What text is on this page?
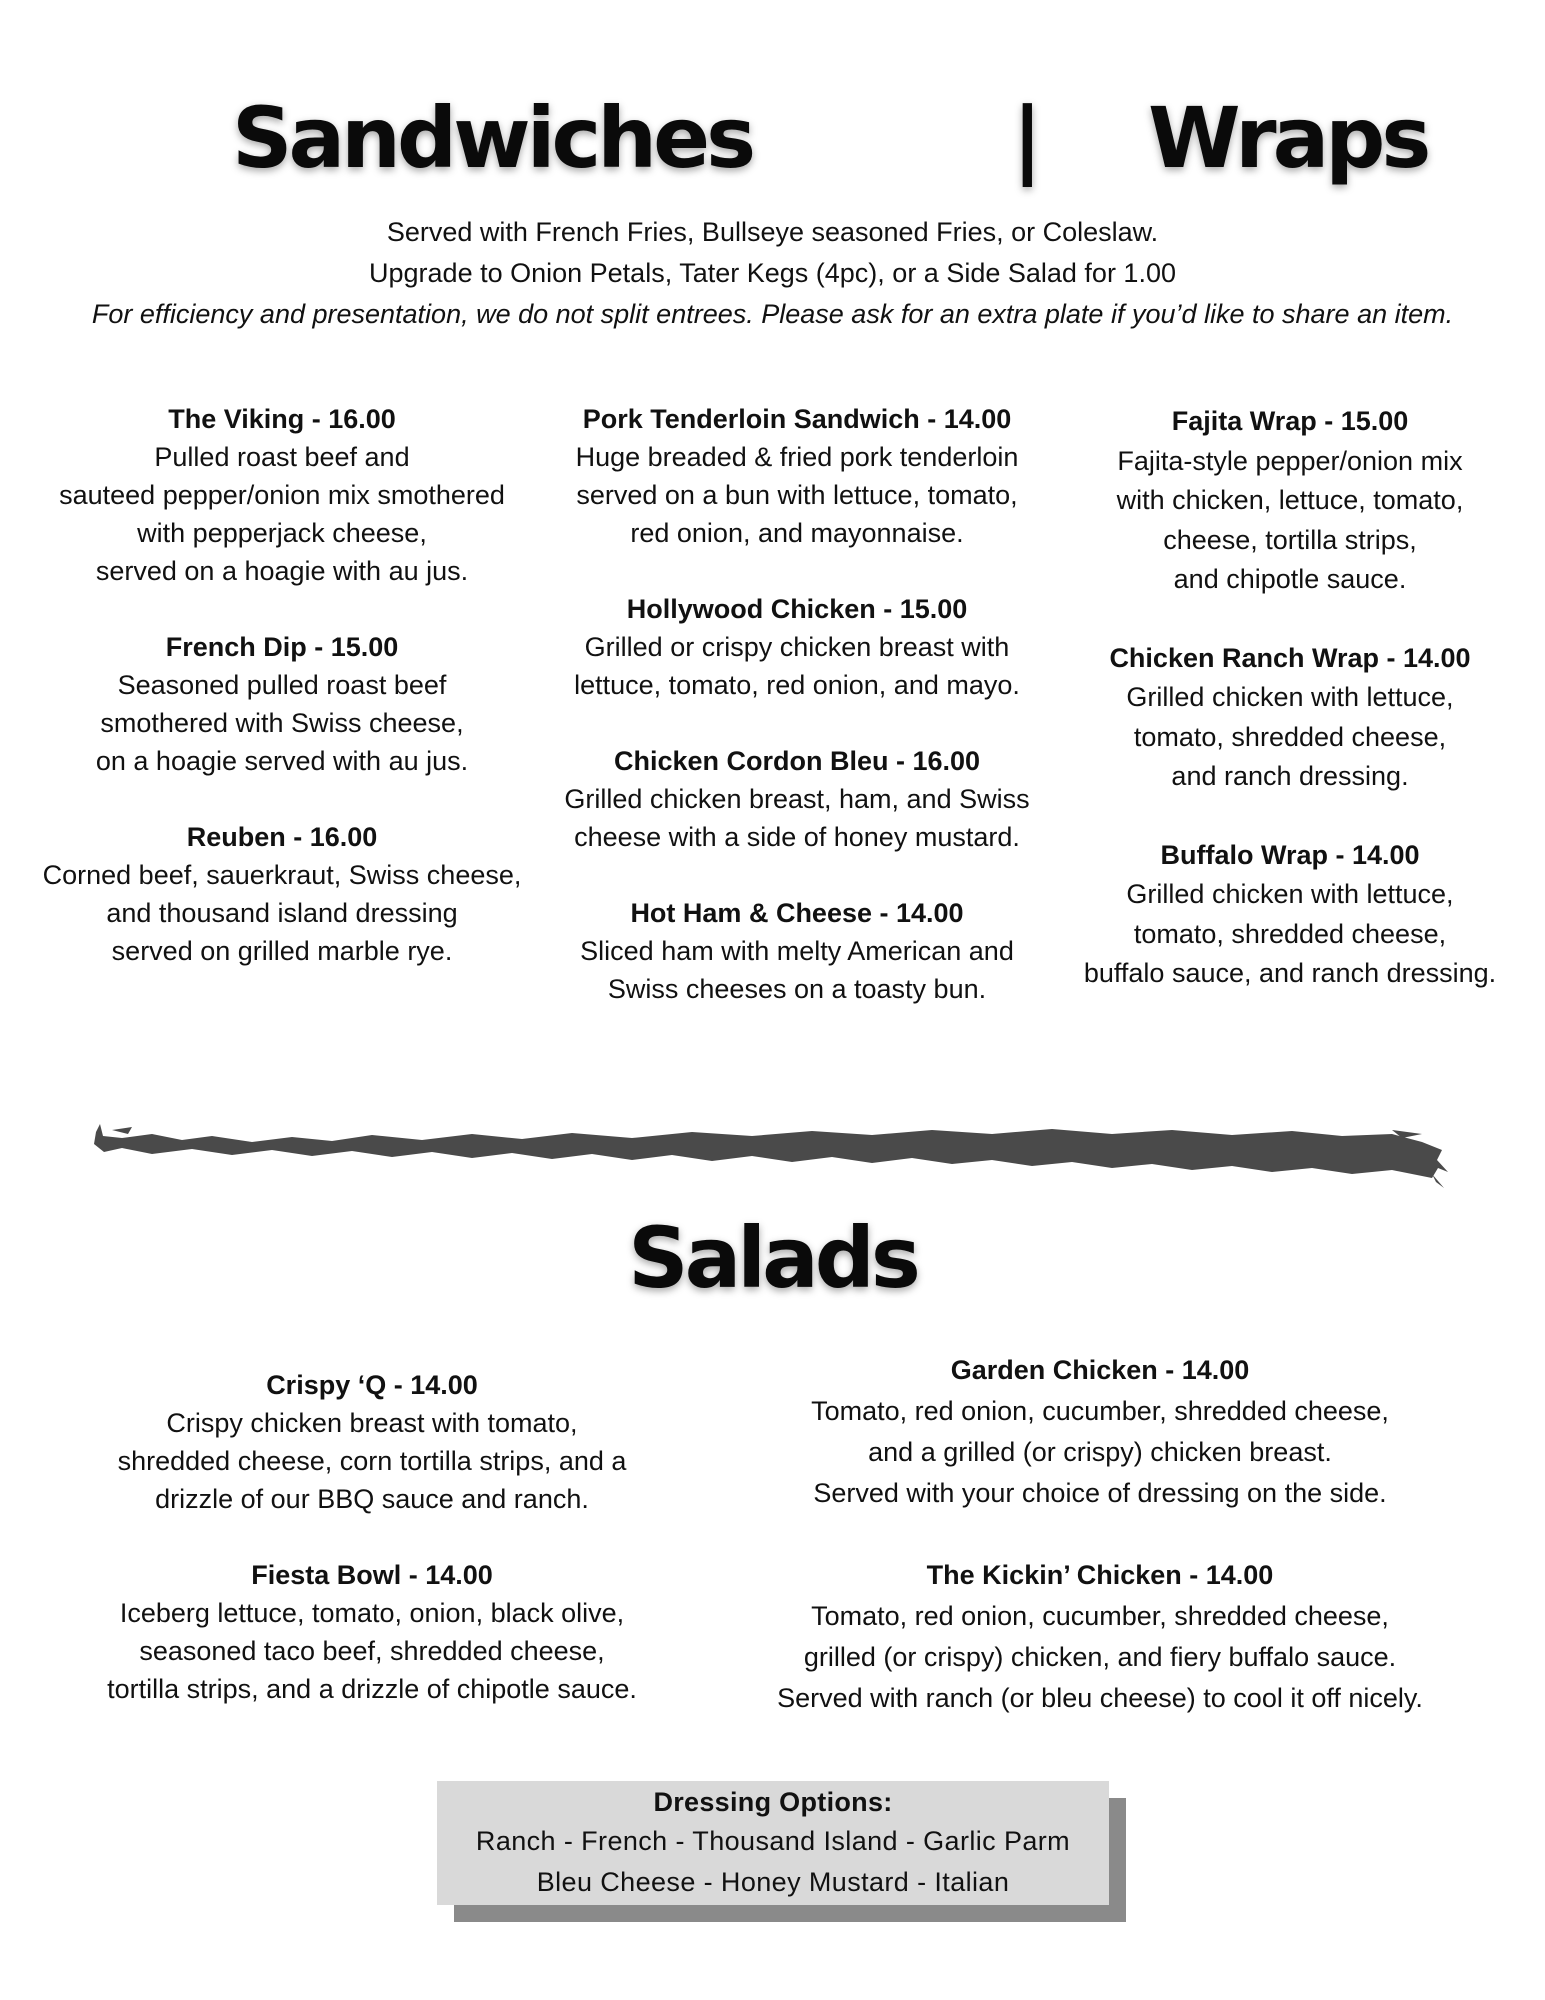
Sandwiches	| Wraps
Served with French Fries, Bullseye seasoned Fries, or Coleslaw.
Upgrade to Onion Petals, Tater Kegs (4pc), or a Side Salad for 1.00
For efficiency and presentation, we do not split entrees. Please ask for an extra plate if you’d like to share an item.
The Viking - 16.00
Pulled roast beef and
sauteed pepper/onion mix smothered
with pepperjack cheese,
served on a hoagie with au jus.
French Dip - 15.00
Seasoned pulled roast beef
smothered with Swiss cheese,
on a hoagie served with au jus.
Reuben - 16.00
Corned beef, sauerkraut, Swiss cheese,
and thousand island dressing
served on grilled marble rye.
Pork Tenderloin Sandwich - 14.00
Huge breaded & fried pork tenderloin
served on a bun with lettuce, tomato,
red onion, and mayonnaise.
Hollywood Chicken - 15.00
Grilled or crispy chicken breast with
lettuce, tomato, red onion, and mayo.
Chicken Cordon Bleu - 16.00
Grilled chicken breast, ham, and Swiss
cheese with a side of honey mustard.
Hot Ham & Cheese - 14.00
Sliced ham with melty American and
Swiss cheeses on a toasty bun.
Fajita Wrap - 15.00
Fajita-style pepper/onion mix
with chicken, lettuce, tomato,
cheese, tortilla strips,
and chipotle sauce.
Chicken Ranch Wrap - 14.00
Grilled chicken with lettuce,
tomato, shredded cheese,
and ranch dressing.
Buffalo Wrap - 14.00
Grilled chicken with lettuce,
tomato, shredded cheese,
buffalo sauce, and ranch dressing.
Salads
Crispy ‘Q - 14.00
Crispy chicken breast with tomato,
shredded cheese, corn tortilla strips, and a
drizzle of our BBQ sauce and ranch.
Fiesta Bowl - 14.00
Iceberg lettuce, tomato, onion, black olive,
seasoned taco beef, shredded cheese,
tortilla strips, and a drizzle of chipotle sauce.
Garden Chicken - 14.00
Tomato, red onion, cucumber, shredded cheese,
and a grilled (or crispy) chicken breast.
Served with your choice of dressing on the side.
The Kickin’ Chicken - 14.00
Tomato, red onion, cucumber, shredded cheese,
grilled (or crispy) chicken, and fiery buffalo sauce.
Served with ranch (or bleu cheese) to cool it off nicely.
Dressing Options:
Ranch - French - Thousand Island - Garlic Parm
Bleu Cheese - Honey Mustard - Italian
